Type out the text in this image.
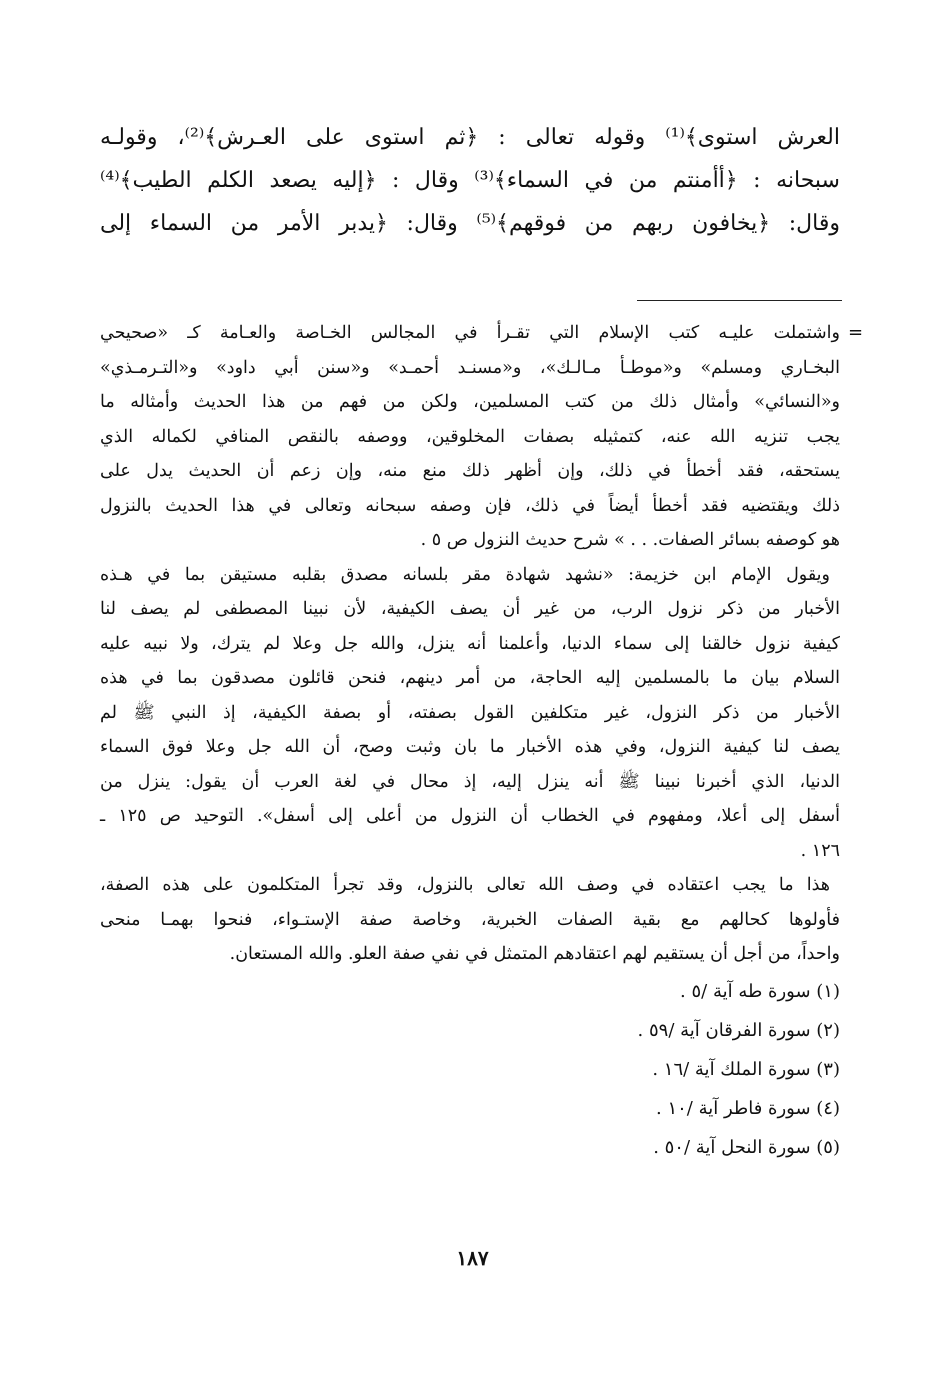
العرش استوى﴾⁽¹⁾ وقوله تعالى : ﴿ثم استوى على العـرش﴾⁽²⁾، وقولـه
سبحانه : ﴿أأمنتم من في السماء﴾⁽³⁾ وقال : ﴿إليه يصعد الكلم الطيب﴾⁽⁴⁾
وقال: ﴿يخافون ربهم من فوقهم﴾⁽⁵⁾ وقال: ﴿يدبر الأمر من السماء إلى
=
واشتملت عليـه كتب الإسلام التي تقـرأ في المجالس الخـاصة والعـامة كـ «صحيحي
البخـاري ومسلم» و«موطـأ مـالـك»، و«مسنـد أحمـد» و«سنن أبي داود» و«التـرمـذي»
و«النسائي» وأمثال ذلك من كتب المسلمين، ولكن من فهم من هذا الحديث وأمثاله ما
يجب تنزيه الله عنه، كتمثيله بصفات المخلوقين، ووصفه بالنقص المنافي لكماله الذي
يستحقه، فقد أخطأ في ذلك، وإن أظهر ذلك منع منه، وإن زعم أن الحديث يدل على
ذلك ويقتضيه فقد أخطأ أيضاً في ذلك، فإن وصفه سبحانه وتعالى في هذا الحديث بالنزول
هو كوصفه بسائر الصفات. . . » شرح حديث النزول ص ٥ .
ويقول الإمام ابن خزيمة: «نشهد شهادة مقر بلسانه مصدق بقلبه مستيقن بما في هـذه
الأخبار من ذكر نزول الرب، من غير أن يصف الكيفية، لأن نبينا المصطفى لم يصف لنا
كيفية نزول خالقنا إلى سماء الدنيا، وأعلمنا أنه ينزل، والله جل وعلا لم يترك، ولا نبيه عليه
السلام بيان ما بالمسلمين إليه الحاجة، من أمر دينهم، فنحن قائلون مصدقون بما في هذه
الأخبار من ذكر النزول، غير متكلفين القول بصفته، أو بصفة الكيفية، إذ النبي ﷺ لم
يصف لنا كيفية النزول، وفي هذه الأخبار ما بان وثبت وصح، أن الله جل وعلا فوق السماء
الدنيا، الذي أخبرنا نبينا ﷺ أنه ينزل إليه، إذ محال في لغة العرب أن يقول: ينزل من
أسفل إلى أعلا، ومفهوم في الخطاب أن النزول من أعلى إلى أسفل». التوحيد ص ١٢٥ ـ
١٢٦ .
هذا ما يجب اعتقاده في وصف الله تعالى بالنزول، وقد تجرأ المتكلمون على هذه الصفة،
فأولوها كحالهم مع بقية الصفات الخبرية، وخاصة صفة الإستـواء، فنحوا بهمـا منحى
واحداً، من أجل أن يستقيم لهم اعتقادهم المتمثل في نفي صفة العلو. والله المستعان.
(١) سورة طه آية /٥ .
(٢) سورة الفرقان آية /٥٩ .
(٣) سورة الملك آية /١٦ .
(٤) سورة فاطر آية /١٠ .
(٥) سورة النحل آية /٥٠ .
١٨٧
